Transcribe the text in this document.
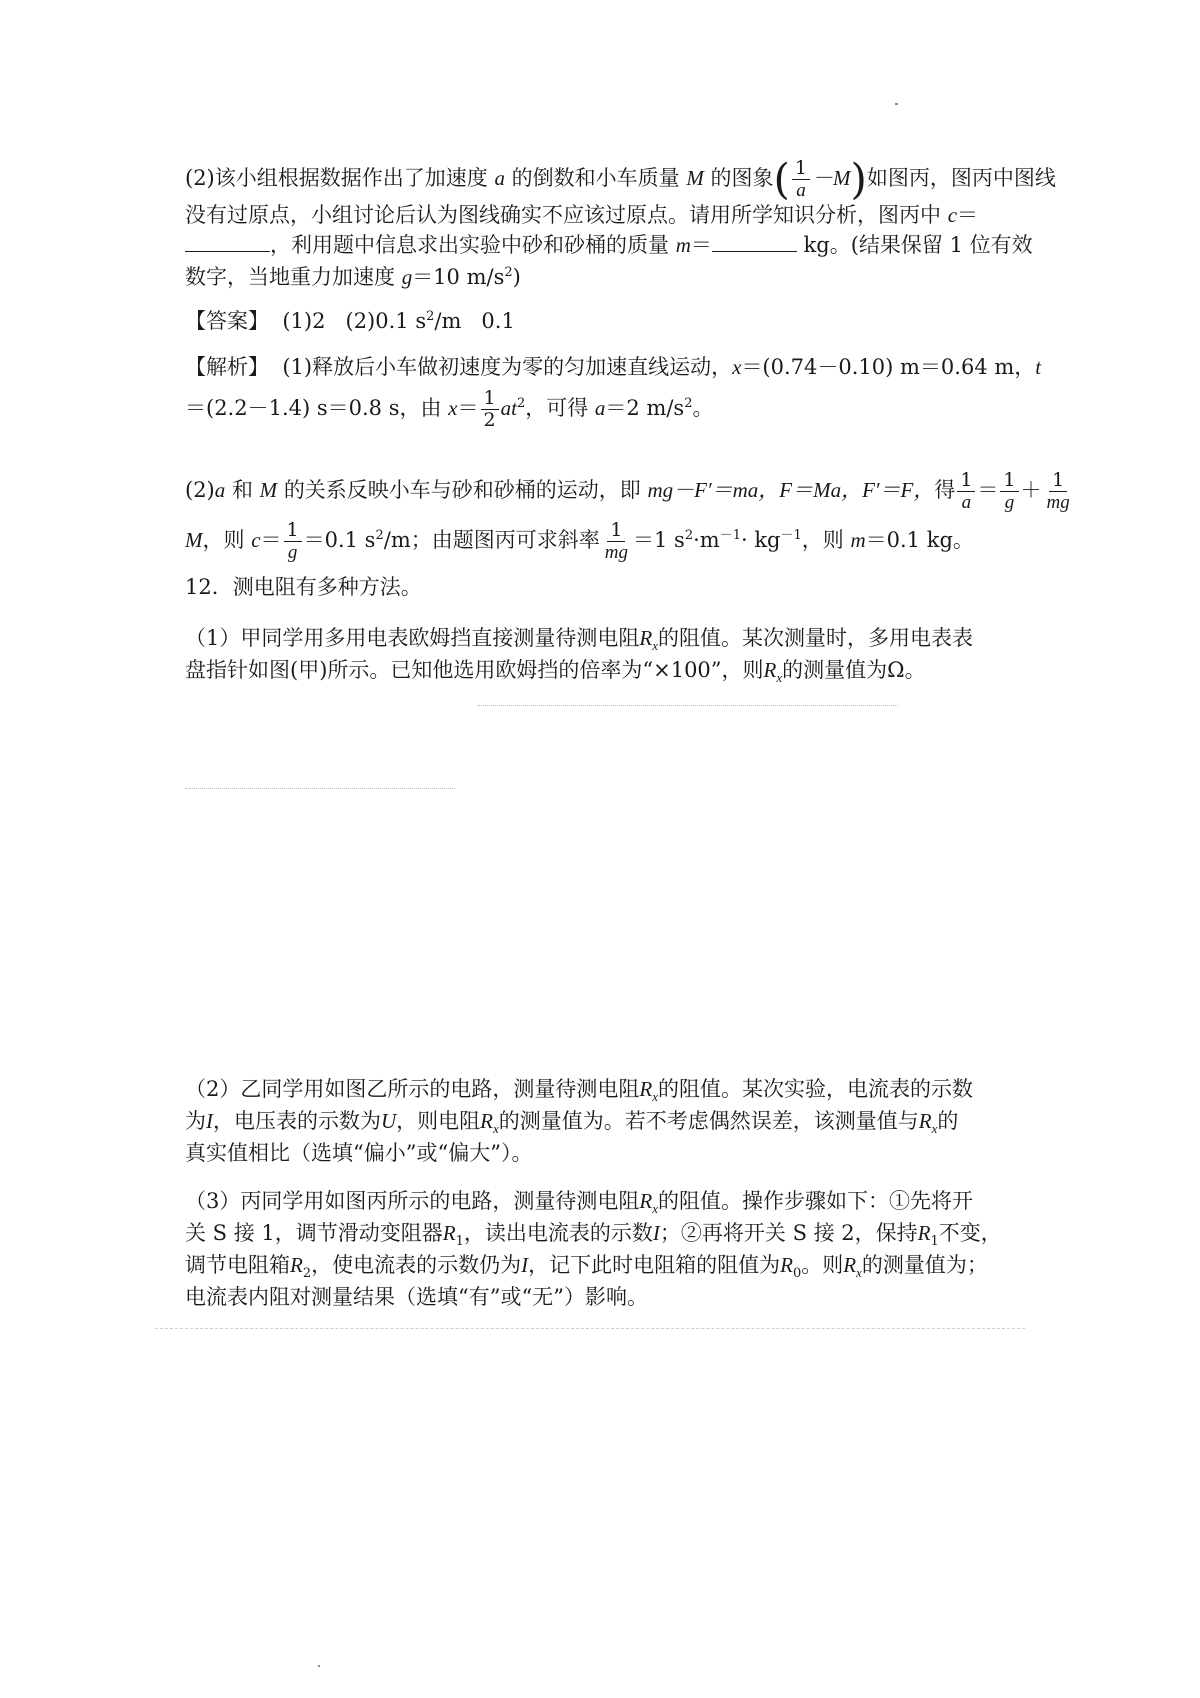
(2)该小组根据数据作出了加速度 a 的倒数和小车质量 M 的图象( $\frac{1}{a} -M$)如图丙，图丙中图线
没有过原点，小组讨论后认为图线确实不应该过原点。请用所学知识分析，图丙中 c＝
，利用题中信息求出实验中砂和砂桶的质量 m＝	kg。(结果保留 1 位有效
数字，当地重力加速度 g＝10 $m/s^2$)
【答案】 (1)2 (2)0.1 $s^2/m$ 0.1
【解析】 (1)释放后小车做初速度为零的匀加速直线运动，x＝(0.74－0.10) m＝0.64 m，t
＝(2.2－1.4) s＝0.8 s，由 $x= \frac{1}{2} at^2$，可得 a＝2 $m/s^2$。
(2)a 和 M 的关系反映小车与砂和砂桶的运动，即 mg－F′＝ma，F＝Ma，F′＝F，得 $\frac{1}{a} = \frac{1}{g} + \frac{1}{mg}$
M，则 $c= \frac{1}{g} =0.1$ $s^2/m$；由题图丙可求斜率 $\frac{1}{mg} =1$ $s^2\cdot m^{-1}\cdot kg^{-1}$，则 m＝0.1 kg。
12．测电阻有多种方法。
（1）甲同学用多用电表欧姆挡直接测量待测电阻$R_x$的阻值。某次测量时，多用电表表
盘指针如图(甲)所示。已知他选用欧姆挡的倍率为“×100”，则$R_x$的测量值为Ω。
（2）乙同学用如图乙所示的电路，测量待测电阻$R_x$的阻值。某次实验，电流表的示数
为I，电压表的示数为U，则电阻$R_x$的测量值为。若不考虑偶然误差，该测量值与$R_x$的
真实值相比（选填“偏小”或“偏大”）。
（3）丙同学用如图丙所示的电路，测量待测电阻$R_x$的阻值。操作步骤如下：①先将开
关 S 接 1，调节滑动变阻器$R_1$，读出电流表的示数I；②再将开关 S 接 2，保持$R_1$不变，
调节电阻箱$R_2$，使电流表的示数仍为I，记下此时电阻箱的阻值为$R_0$。则$R_x$的测量值为；
电流表内阻对测量结果（选填“有”或“无”）影响。
